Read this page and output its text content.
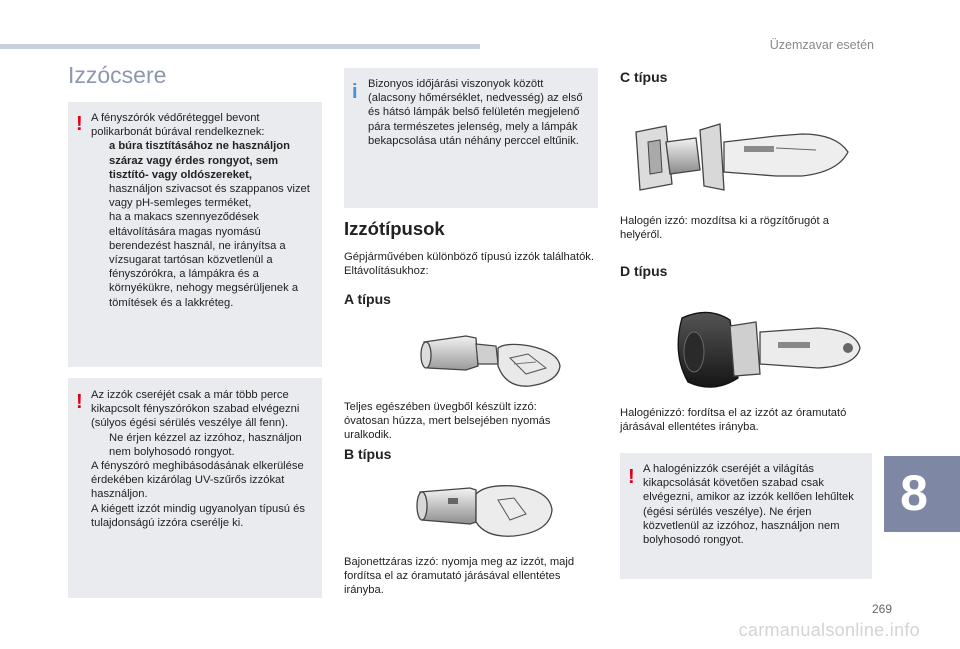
Üzemzavar esetén
Izzócsere
! A fényszórók védőréteggel bevont polikarbonát búrával rendelkeznek:

a búra tisztításához ne használjon száraz vagy érdes rongyot, sem tisztító- vagy oldószereket,
használjon szivacsot és szappanos vizet vagy pH-semleges terméket,
ha a makacs szennyeződések eltávolítására magas nyomású berendezést használ, ne irányítsa a vízsugarat tartósan közvetlenül a fényszórókra, a lámpákra és a környékükre, nehogy megsérüljenek a tömítések és a lakkréteg.
! Az izzók cseréjét csak a már több perce kikapcsolt fényszórókon szabad elvégezni (súlyos égési sérülés veszélye áll fenn).

Ne érjen kézzel az izzóhoz, használjon nem bolyhosodó rongyot.

A fényszóró meghibásodásának elkerülése érdekében kizárólag UV-szűrős izzókat használjon.

A kiégett izzót mindig ugyanolyan típusú és tulajdonságú izzóra cserélje ki.

i Bizonyos időjárási viszonyok között (alacsony hőmérséklet, nedvesség) az első és hátsó lámpák belső felületén megjelenő pára természetes jelenség, mely a lámpák bekapcsolása után néhány perccel eltűnik.
Izzótípusok
Gépjárművében különböző típusú izzók találhatók. Eltávolításukhoz:
A típus
Teljes egészében üvegből készült izzó: óvatosan húzza, mert belsejében nyomás uralkodik.
B típus
Bajonettzáras izzó: nyomja meg az izzót, majd fordítsa el az óramutató járásával ellentétes irányba.
C típus
Halogén izzó: mozdítsa ki a rögzítőrugót a helyéről.
D típus
Halogénizzó: fordítsa el az izzót az óramutató járásával ellentétes irányba.
! A halogénizzók cseréjét a világítás kikapcsolását követően szabad csak elvégezni, amikor az izzók kellően lehűltek (égési sérülés veszélye). Ne érjen közvetlenül az izzóhoz, használjon nem bolyhosodó rongyot.
8
269
carmanualsonline.info
